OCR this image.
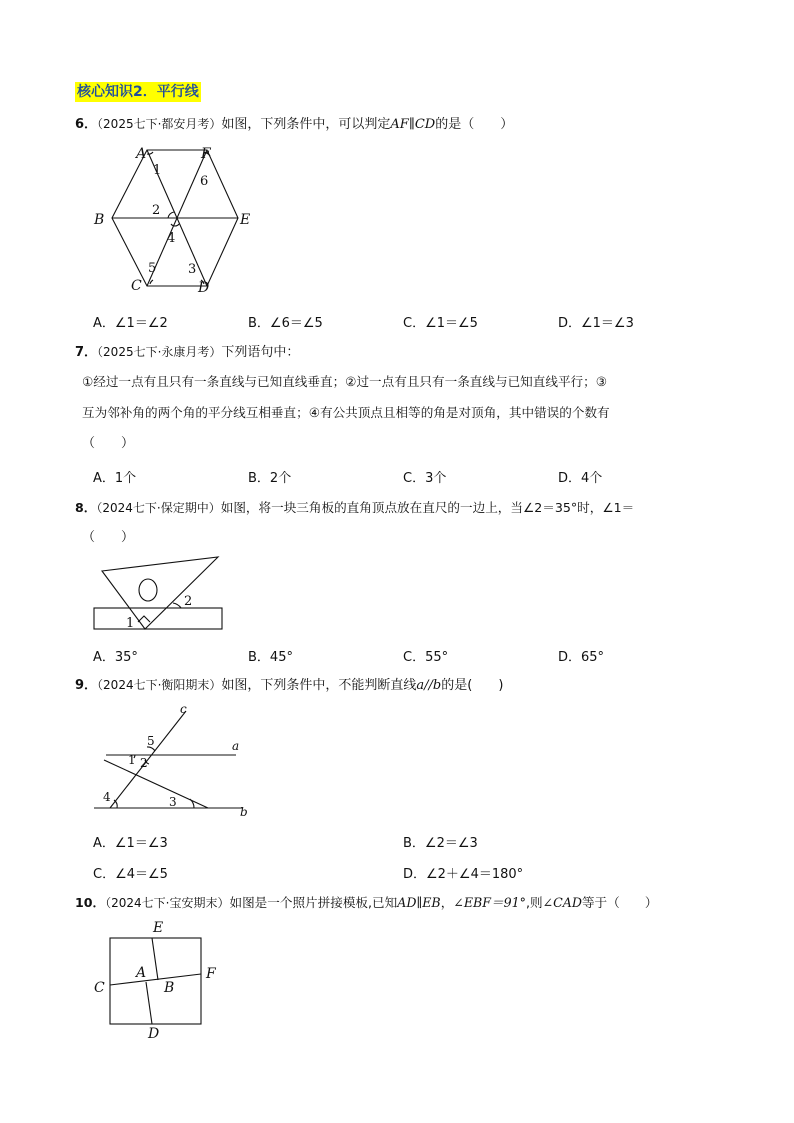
核心知识2．平行线
6．（2025七下·都安月考）如图，下列条件中，可以判定AF∥CD的是（　　）
A	F
B	E
C	D
1
6
2
4
5 3
A．∠1＝∠2	B．∠6＝∠5	C．∠1＝∠5	D．∠1＝∠3
7．（2025七下·永康月考）下列语句中：
①经过一点有且只有一条直线与已知直线垂直；②过一点有且只有一条直线与已知直线平行；③
互为邻补角的两个角的平分线互相垂直；④有公共顶点且相等的角是对顶角，其中错误的个数有
（　　）
A．1个	B．2个	C．3个	D．4个
8．（2024七下·保定期中）如图，将一块三角板的直角顶点放在直尺的一边上，当∠2＝35°时，∠1＝
（　　）
2
1
A．35°	B．45°	C．55°	D．65°
9．（2024七下·衡阳期末）如图，下列条件中，不能判断直线a//b的是(　　)
c
a
b
5
1 2
4	3
A．∠1＝∠3	B．∠2＝∠3
C．∠4＝∠5	D．∠2＋∠4＝180°
10．（2024七下·宝安期末）如图是一个照片拼接模板,已知AD∥EB，∠EBF＝91°,则∠CAD等于（　　）
E
A	F
C	B
D
